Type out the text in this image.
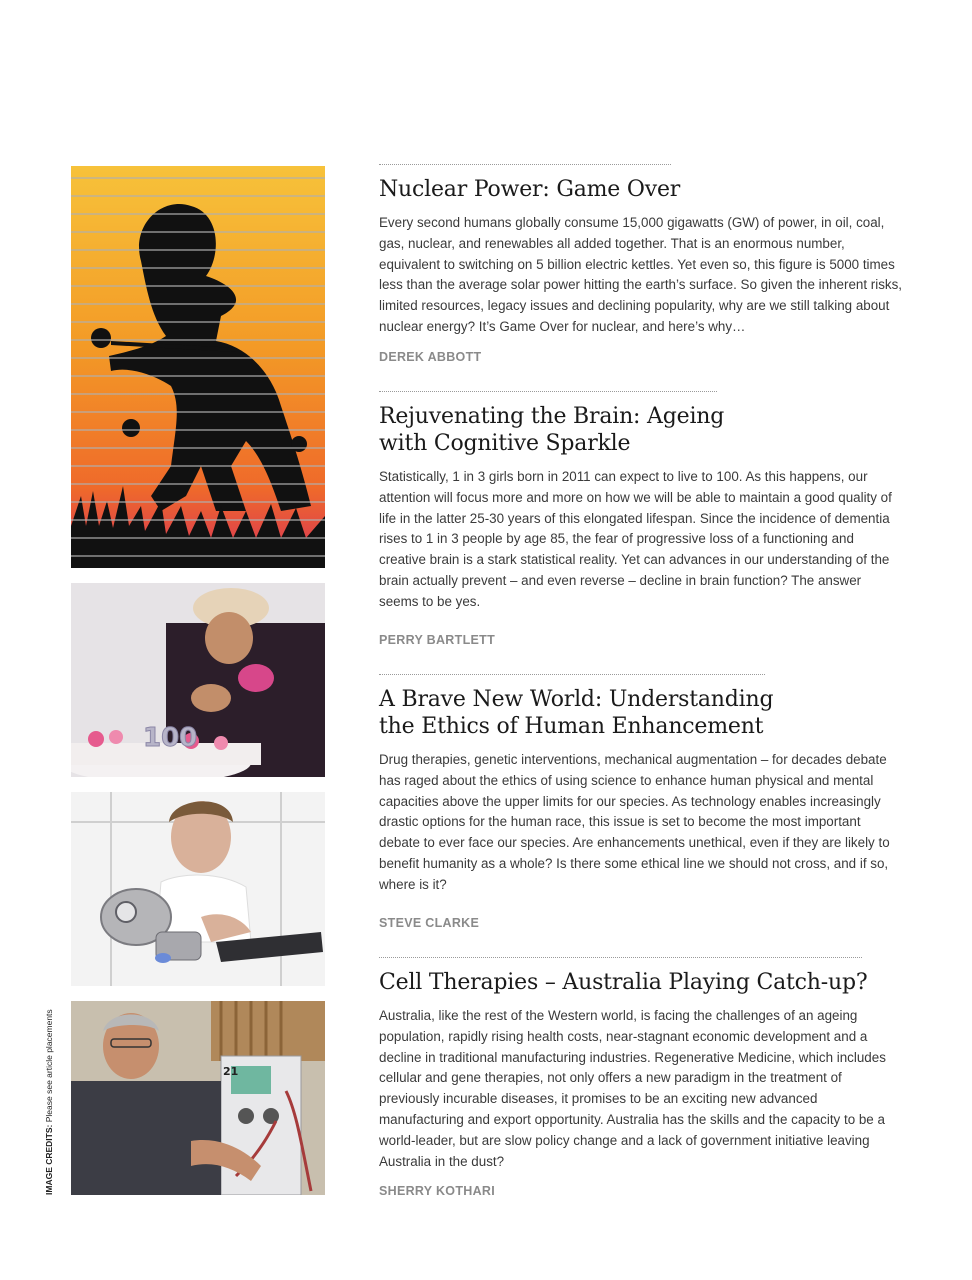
IMAGE CREDITS: Please see article placements
100
21
Nuclear Power: Game Over

Every second humans globally consume 15,000 gigawatts (GW) of power, in oil, coal, gas, nuclear, and renewables all added together. That is an enormous number, equivalent to switching on 5 billion electric kettles. Yet even so, this figure is 5000 times less than the average solar power hitting the earth’s surface. So given the inherent risks, limited resources, legacy issues and declining popularity, why are we still talking about nuclear energy? It’s Game Over for nuclear, and here’s why…

DEREK ABBOTT
Rejuvenating the Brain: Ageing with Cognitive Sparkle

Statistically, 1 in 3 girls born in 2011 can expect to live to 100. As this happens, our attention will focus more and more on how we will be able to maintain a good quality of life in the latter 25-30 years of this elongated lifespan. Since the incidence of dementia rises to 1 in 3 people by age 85, the fear of progressive loss of a functioning and creative brain is a stark statistical reality. Yet can advances in our understanding of the brain actually prevent – and even reverse – decline in brain function? The answer seems to be yes.

PERRY BARTLETT
A Brave New World: Understanding the Ethics of Human Enhancement

Drug therapies, genetic interventions, mechanical augmentation – for decades debate has raged about the ethics of using science to enhance human physical and mental capacities above the upper limits for our species. As technology enables increasingly drastic options for the human race, this issue is set to become the most important debate to ever face our species. Are enhancements unethical, even if they are likely to benefit humanity as a whole? Is there some ethical line we should not cross, and if so, where is it?

STEVE CLARKE
Cell Therapies – Australia Playing Catch-up?

Australia, like the rest of the Western world, is facing the challenges of an ageing population, rapidly rising health costs, near-stagnant economic development and a decline in traditional manufacturing industries. Regenerative Medicine, which includes cellular and gene therapies, not only offers a new paradigm in the treatment of previously incurable diseases, it promises to be an exciting new advanced manufacturing and export opportunity. Australia has the skills and the capacity to be a world-leader, but are slow policy change and a lack of government initiative leaving Australia in the dust?

SHERRY KOTHARI
